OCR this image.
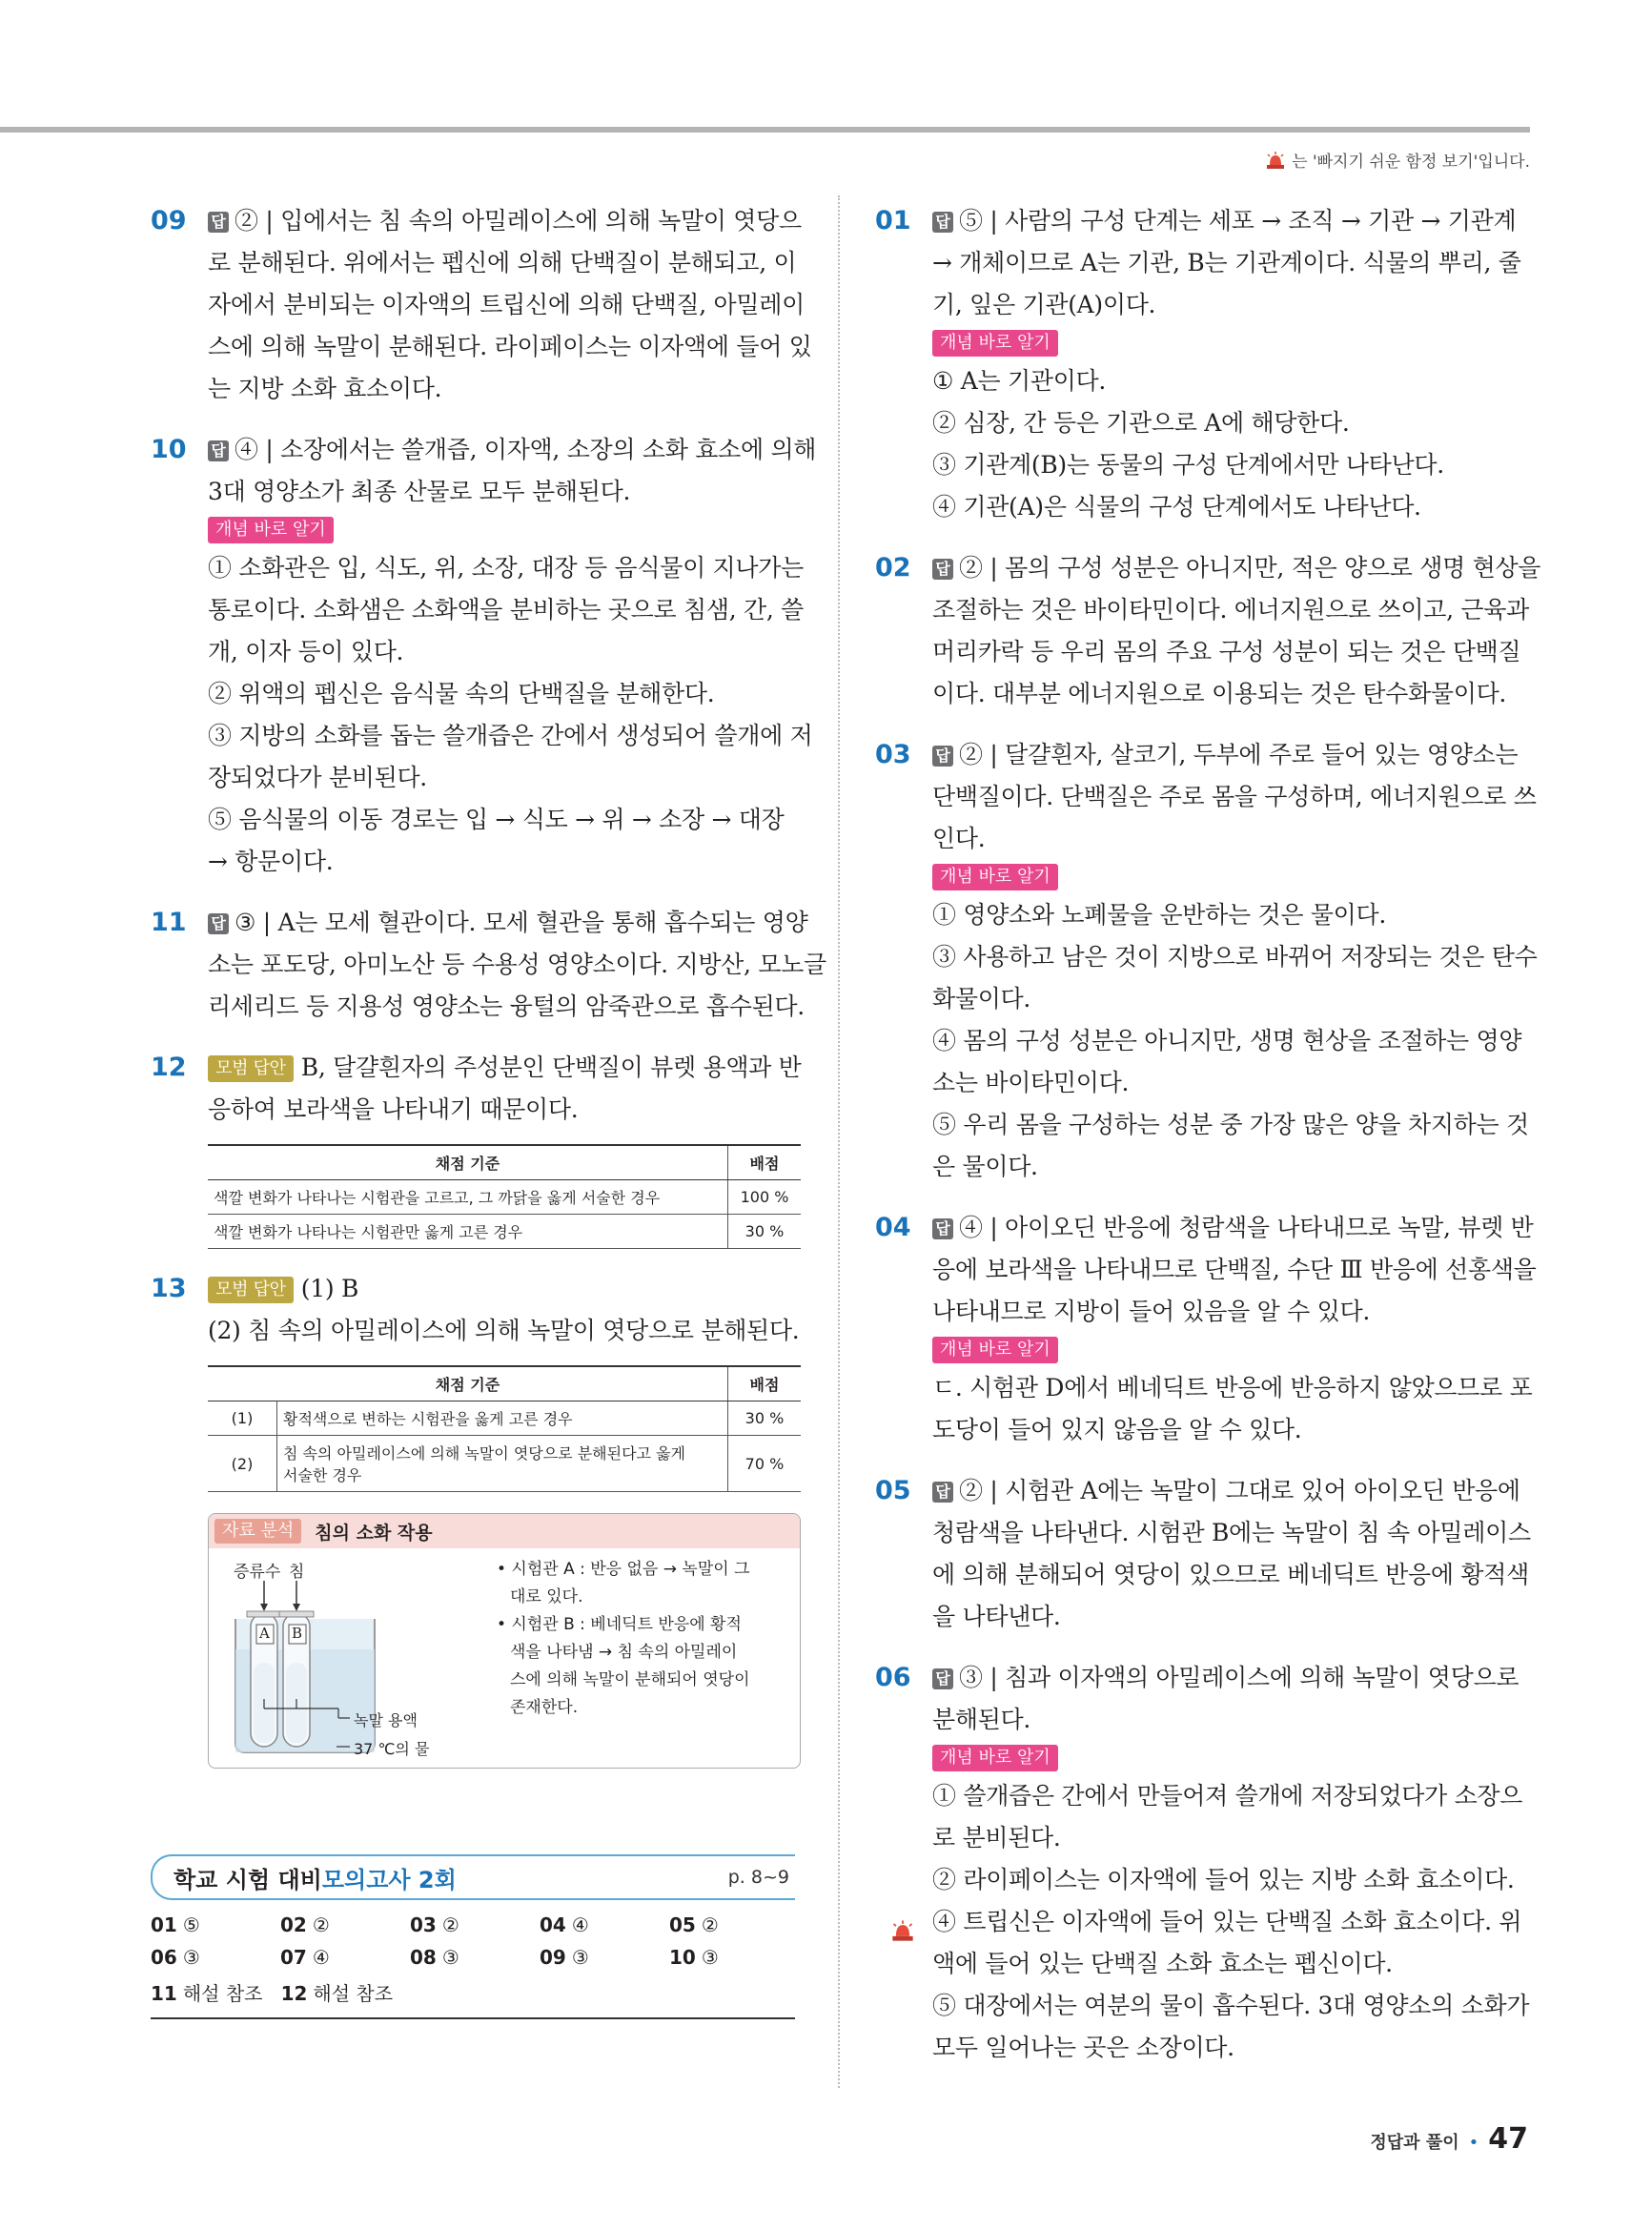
는 '빠지기 쉬운 함정 보기'입니다.
09 답 ② | 입에서는 침 속의 아밀레이스에 의해 녹말이 엿당으
로 분해된다. 위에서는 펩신에 의해 단백질이 분해되고, 이
자에서 분비되는 이자액의 트립신에 의해 단백질, 아밀레이
스에 의해 녹말이 분해된다. 라이페이스는 이자액에 들어 있
는 지방 소화 효소이다.
10 답 ④ | 소장에서는 쓸개즙, 이자액, 소장의 소화 효소에 의해
3대 영양소가 최종 산물로 모두 분해된다.
개념 바로 알기
① 소화관은 입, 식도, 위, 소장, 대장 등 음식물이 지나가는
통로이다. 소화샘은 소화액을 분비하는 곳으로 침샘, 간, 쓸
개, 이자 등이 있다.
② 위액의 펩신은 음식물 속의 단백질을 분해한다.
③ 지방의 소화를 돕는 쓸개즙은 간에서 생성되어 쓸개에 저
장되었다가 분비된다.
⑤ 음식물의 이동 경로는 입 → 식도 → 위 → 소장 → 대장
→ 항문이다.
11 답 ③ | A는 모세 혈관이다. 모세 혈관을 통해 흡수되는 영양
소는 포도당, 아미노산 등 수용성 영양소이다. 지방산, 모노글
리세리드 등 지용성 영양소는 융털의 암죽관으로 흡수된다.
12	모범 답안 B, 달걀흰자의 주성분인 단백질이 뷰렛 용액과 반
응하여 보라색을 나타내기 때문이다.
채점 기준	배점
색깔 변화가 나타나는 시험관을 고르고, 그 까닭을 옳게 서술한 경우	100 %
색깔 변화가 나타나는 시험관만 옳게 고른 경우	30 %
13	모범 답안 (1) B
(2) 침 속의 아밀레이스에 의해 녹말이 엿당으로 분해된다.
채점 기준		배점
(1)	황적색으로 변하는 시험관을 옳게 고른 경우	30 %
(2)	침 속의 아밀레이스에 의해 녹말이 엿당으로 분해된다고 옳게
서술한 경우	70 %
자료 분석	침의 소화 작용
증류수 침
A B
녹말 용액
37 ℃의 물
• 시험관 A : 반응 없음 → 녹말이 그
대로 있다.
• 시험관 B : 베네딕트 반응에 황적
색을 나타냄 → 침 속의 아밀레이
스에 의해 녹말이 분해되어 엿당이
존재한다.
학교 시험 대비 모의고사 2회	p. 8~9
01 ⑤	02 ②	03 ②	04 ④	05 ②
06 ③	07 ④	08 ③	09 ③	10 ③
11 해설 참조 12 해설 참조
01 답 ⑤ | 사람의 구성 단계는 세포 → 조직 → 기관 → 기관계
→ 개체이므로 A는 기관, B는 기관계이다. 식물의 뿌리, 줄
기, 잎은 기관(A)이다.
개념 바로 알기
① A는 기관이다.
② 심장, 간 등은 기관으로 A에 해당한다.
③ 기관계(B)는 동물의 구성 단계에서만 나타난다.
④ 기관(A)은 식물의 구성 단계에서도 나타난다.
02 답 ② | 몸의 구성 성분은 아니지만, 적은 양으로 생명 현상을
조절하는 것은 바이타민이다. 에너지원으로 쓰이고, 근육과
머리카락 등 우리 몸의 주요 구성 성분이 되는 것은 단백질
이다. 대부분 에너지원으로 이용되는 것은 탄수화물이다.
03 답 ② | 달걀흰자, 살코기, 두부에 주로 들어 있는 영양소는
단백질이다. 단백질은 주로 몸을 구성하며, 에너지원으로 쓰
인다.
개념 바로 알기
① 영양소와 노폐물을 운반하는 것은 물이다.
③ 사용하고 남은 것이 지방으로 바뀌어 저장되는 것은 탄수
화물이다.
④ 몸의 구성 성분은 아니지만, 생명 현상을 조절하는 영양
소는 바이타민이다.
⑤ 우리 몸을 구성하는 성분 중 가장 많은 양을 차지하는 것
은 물이다.
04 답 ④ | 아이오딘 반응에 청람색을 나타내므로 녹말, 뷰렛 반
응에 보라색을 나타내므로 단백질, 수단 Ⅲ 반응에 선홍색을
나타내므로 지방이 들어 있음을 알 수 있다.
개념 바로 알기
ㄷ. 시험관 D에서 베네딕트 반응에 반응하지 않았으므로 포
도당이 들어 있지 않음을 알 수 있다.
05 답 ② | 시험관 A에는 녹말이 그대로 있어 아이오딘 반응에
청람색을 나타낸다. 시험관 B에는 녹말이 침 속 아밀레이스
에 의해 분해되어 엿당이 있으므로 베네딕트 반응에 황적색
을 나타낸다.
06 답 ③ | 침과 이자액의 아밀레이스에 의해 녹말이 엿당으로
분해된다.
개념 바로 알기
① 쓸개즙은 간에서 만들어져 쓸개에 저장되었다가 소장으
로 분비된다.
② 라이페이스는 이자액에 들어 있는 지방 소화 효소이다.
④ 트립신은 이자액에 들어 있는 단백질 소화 효소이다. 위
액에 들어 있는 단백질 소화 효소는 펩신이다.
⑤ 대장에서는 여분의 물이 흡수된다. 3대 영양소의 소화가
모두 일어나는 곳은 소장이다.
정답과 풀이 • 47
